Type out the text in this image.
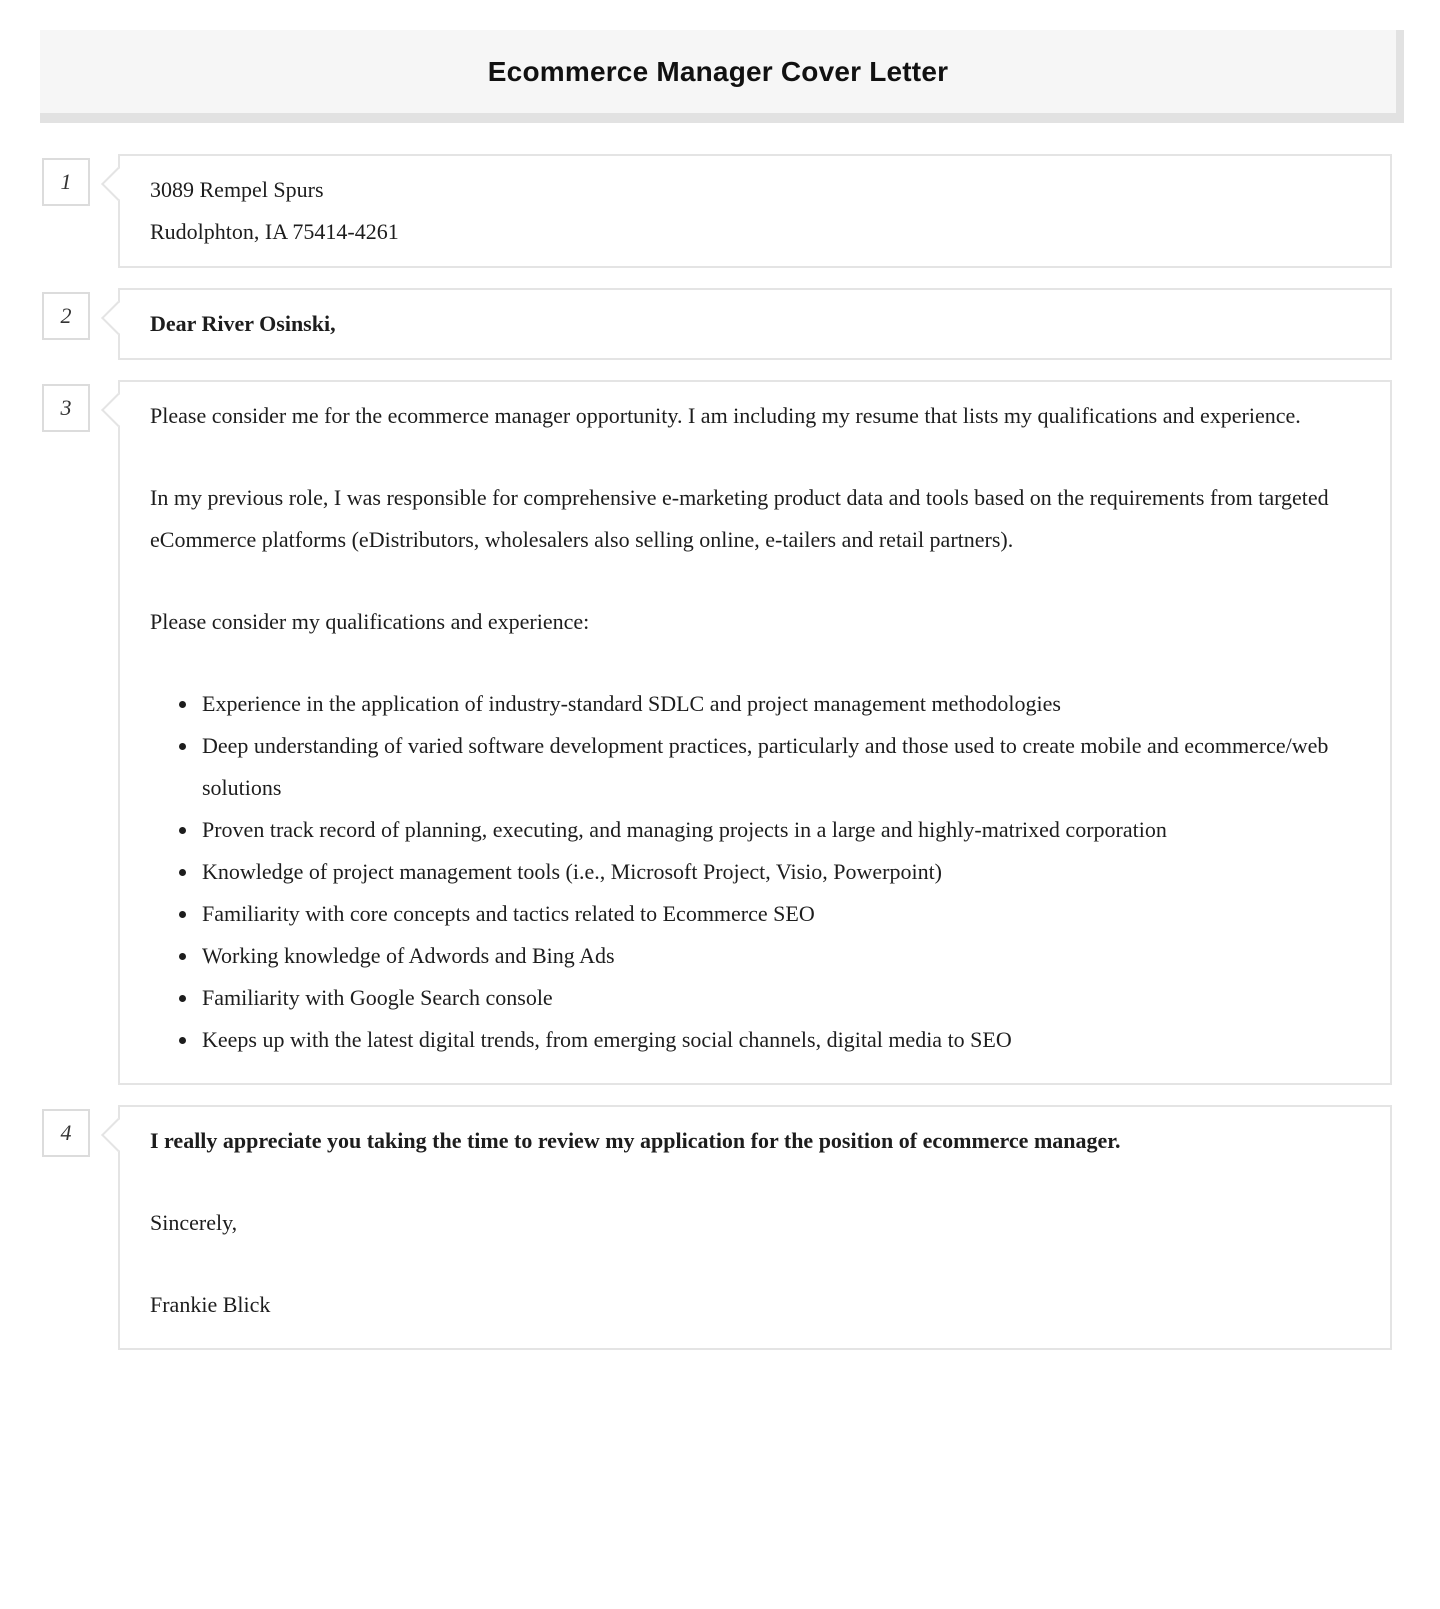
Ecommerce Manager Cover Letter
1	3089 Rempel Spurs

Rudolphton, IA 75414-4261

2	Dear River Osinski,

3	Please consider me for the ecommerce manager opportunity. I am including my resume that lists my qualifications and experience.

In my previous role, I was responsible for comprehensive e-marketing product data and tools based on the requirements from targeted eCommerce platforms (eDistributors, wholesalers also selling online, e-tailers and retail partners).

Please consider my qualifications and experience:

• Experience in the application of industry-standard SDLC and project management methodologies
• Deep understanding of varied software development practices, particularly and those used to create mobile and ecommerce/web solutions
• Proven track record of planning, executing, and managing projects in a large and highly-matrixed corporation
• Knowledge of project management tools (i.e., Microsoft Project, Visio, Powerpoint)
• Familiarity with core concepts and tactics related to Ecommerce SEO
• Working knowledge of Adwords and Bing Ads
• Familiarity with Google Search console
• Keeps up with the latest digital trends, from emerging social channels, digital media to SEO
4	I really appreciate you taking the time to review my application for the position of ecommerce manager.

Sincerely,

Frankie Blick
